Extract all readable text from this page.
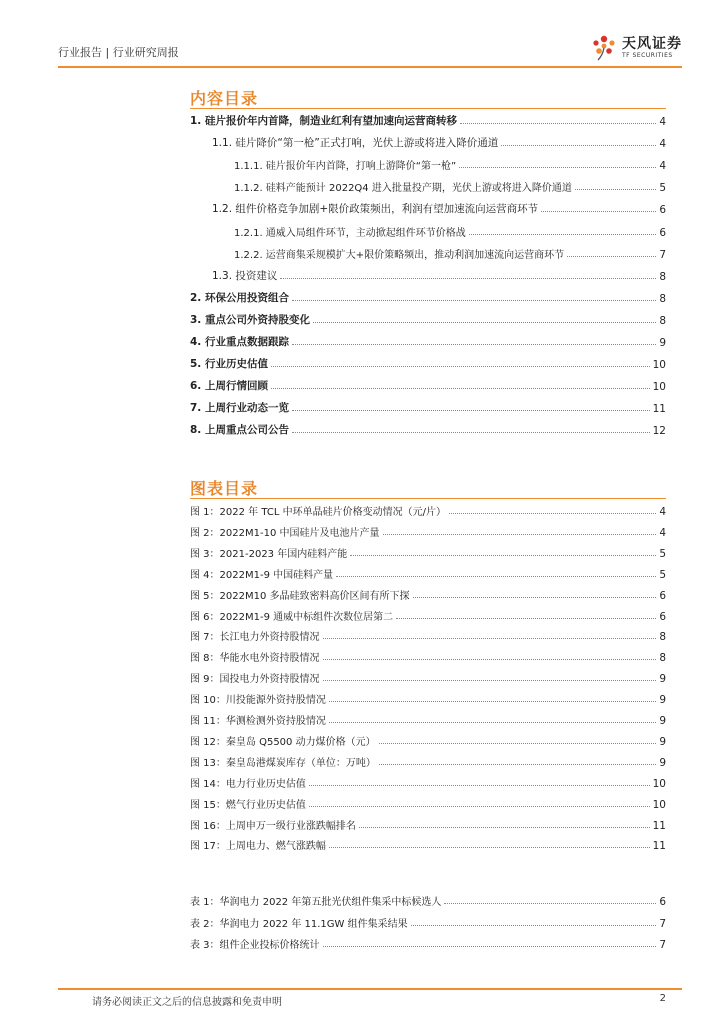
行业报告 | 行业研究周报
天风证券
TF SECURITIES
内容目录
1. 硅片报价年内首降，制造业红利有望加速向运营商转移	4
1.1. 硅片降价“第一枪”正式打响，光伏上游或将进入降价通道	4
1.1.1. 硅片报价年内首降，打响上游降价“第一枪”	4
1.1.2. 硅料产能预计 2022Q4 进入批量投产期，光伏上游或将进入降价通道	5
1.2. 组件价格竞争加剧+限价政策频出，利润有望加速流向运营商环节	6
1.2.1. 通威入局组件环节，主动掀起组件环节价格战	6
1.2.2. 运营商集采规模扩大+限价策略频出，推动利润加速流向运营商环节	7
1.3. 投资建议	8
2. 环保公用投资组合	8
3. 重点公司外资持股变化	8
4. 行业重点数据跟踪	9
5. 行业历史估值	10
6. 上周行情回顾	10
7. 上周行业动态一览	11
8. 上周重点公司公告	12
图表目录
图 1：2022 年 TCL 中环单晶硅片价格变动情况（元/片）	4
图 2：2022M1-10 中国硅片及电池片产量	4
图 3：2021-2023 年国内硅料产能	5
图 4：2022M1-9 中国硅料产量	5
图 5：2022M10 多晶硅致密料高价区间有所下探	6
图 6：2022M1-9 通威中标组件次数位居第二	6
图 7：长江电力外资持股情况	8
图 8：华能水电外资持股情况	8
图 9：国投电力外资持股情况	9
图 10：川投能源外资持股情况	9
图 11：华测检测外资持股情况	9
图 12：秦皇岛 Q5500 动力煤价格（元）	9
图 13：秦皇岛港煤炭库存（单位：万吨）	9
图 14：电力行业历史估值	10
图 15：燃气行业历史估值	10
图 16：上周申万一级行业涨跌幅排名	11
图 17：上周电力、燃气涨跌幅	11
表 1：华润电力 2022 年第五批光伏组件集采中标候选人	6
表 2：华润电力 2022 年 11.1GW 组件集采结果	7
表 3：组件企业投标价格统计	7
请务必阅读正文之后的信息披露和免责申明	2
